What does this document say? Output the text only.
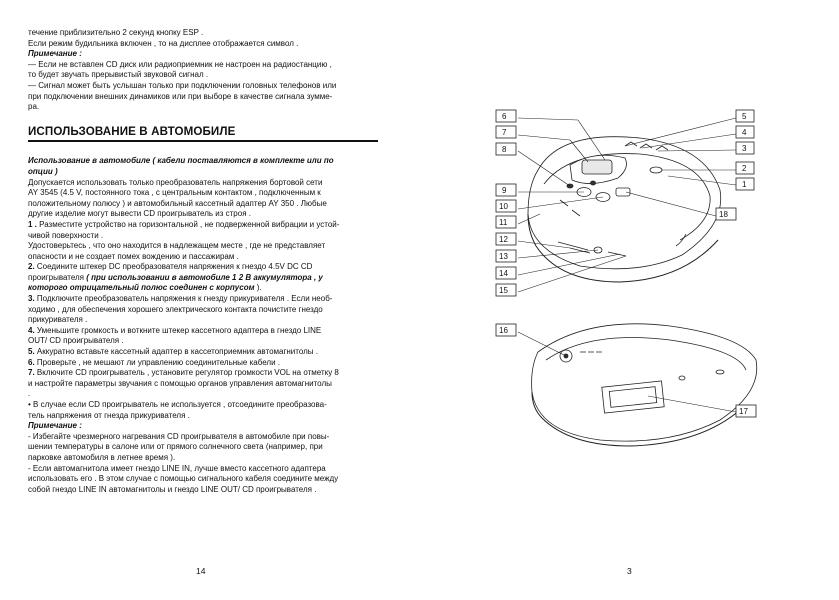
течение приблизительно 2 секунд кнопку ESP .

Если режим будильника включен , то на дисплее отображается символ .

Примечание :

— Если не вставлен CD диск или радиоприемник не настроен на радиостанцию ,

то будет звучать прерывистый звуковой сигнал .

— Сигнал может быть услышан только при подключении головных телефонов или

при подключении внешних динамиков или при выборе в качестве сигнала зумме-

ра.

ИСПОЛЬЗОВАНИЕ В АВТОМОБИЛЕ

Использование в автомобиле ( кабели поставляются в комплекте или по

опции )

Допускается использовать только преобразователь напряжения бортовой сети

AY 3545 (4.5 V, постоянного тока , с центральным контактом , подключенным к

положительному полюсу ) и автомобильный кассетный адаптер AY 350 . Любые

другие изделие могут вывести CD проигрыватель из строя .

1 . Разместите устройство на горизонтальной , не подверженной вибрации и устой-

чивой поверхности .

Удостоверьтесь , что оно находится в надлежащем месте , где не представляет

опасности и не создает помех вождению и пассажирам .

2. Соедините штекер DC преобразователя напряжения к гнездо 4.5V DC CD

проигрывателя ( при использовании в автомобиле 1 2 В аккумулятора , у

которого отрицательный полюс соединен с корпусом ).

3. Подключите преобразователь напряжения к гнезду прикуривателя . Если необ-

ходимо , для обеспечения хорошего электрического контакта почистите гнездо

прикуривателя .

4. Уменьшите громкость и воткните штекер кассетного адаптера в гнездо LINE

OUT/ CD проигрывателя .

5. Аккуратно вставьте кассетный адаптер в кассетоприемник автомагнитолы .

6. Проверьте , не мешают ли управлению соединительные кабели .

7. Включите CD проигрыватель , установите регулятор громкости VOL на отметку 8

и настройте параметры звучания с помощью органов управления автомагнитолы

.

• В случае если CD проигрыватель не используется , отсоедините преобразова-

тель напряжения от гнезда прикуривателя .

Примечание :

- Избегайте чрезмерного нагревания CD проигрывателя в автомобиле при повы-

шении температуры в салоне или от прямого солнечного света (например, при

парковке автомобиля в летнее время ).

- Если автомагнитола имеет гнездо LINE IN, лучше вместо кассетного адаптера

использовать его . В этом случае с помощью сигнального кабеля соедините между

собой гнездо LINE IN автомагнитолы и гнездо LINE OUT/ CD проигрывателя .

14
6
7
8
9
10
11
12
13
14
15
16
5
4
3
2
1
18
17
3
